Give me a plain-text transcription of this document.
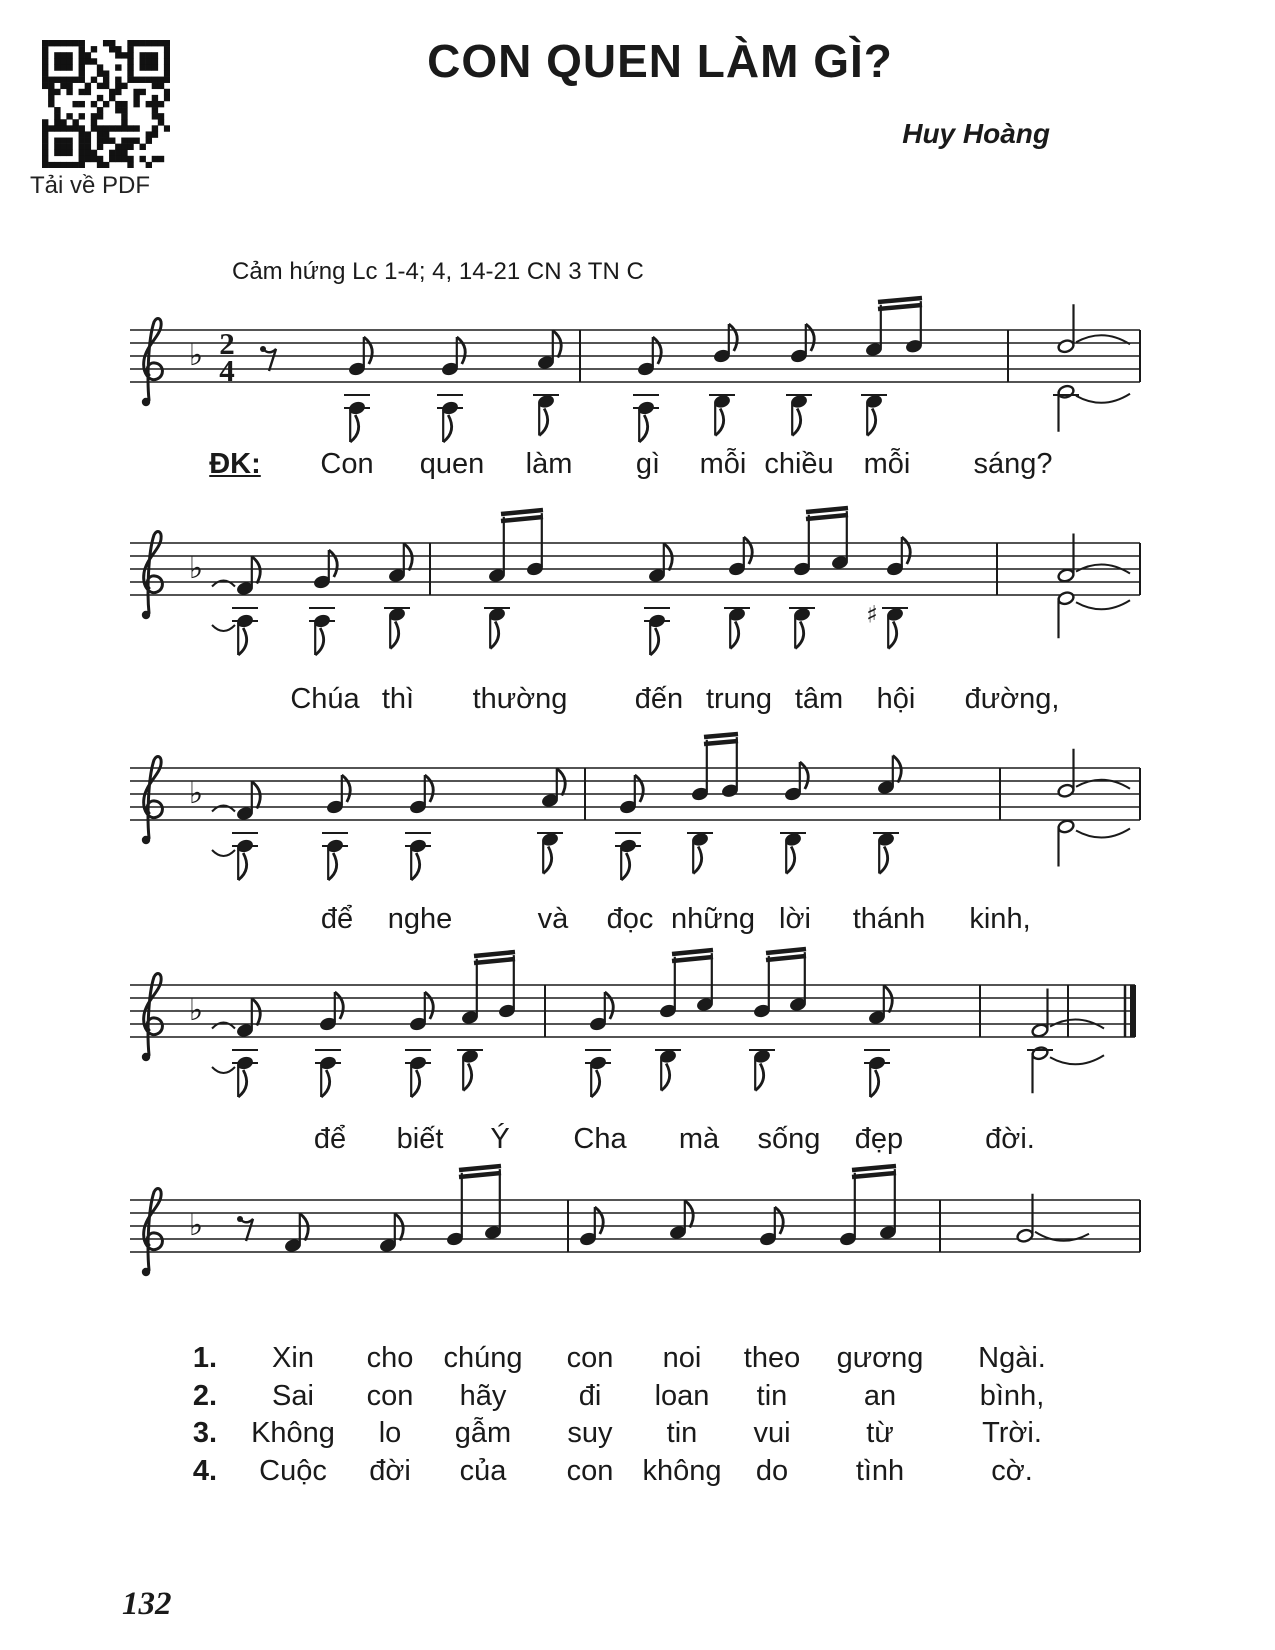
Tải về PDF
CON QUEN LÀM GÌ?
Huy Hoàng
Cảm hứng Lc 1-4; 4, 14-21 CN 3 TN C
♭ 2
4
♭
♯
♭
♭
♭
ĐK: Con quen làm gì mỗi chiều mỗi sáng?
Chúa thì thường đến trung tâm hội đường,
để nghe	và đọc những lời thánh kinh,
để biết Ý Cha mà sống đẹp	đời.
1. Xin cho chúng con noi theo gương Ngài.
2. Sai con hãy đi loan tin	an	bình,
3. Không lo gẫm suy tin vui	từ	Trời.
4. Cuộc đời của con không do tình	cờ.
132
